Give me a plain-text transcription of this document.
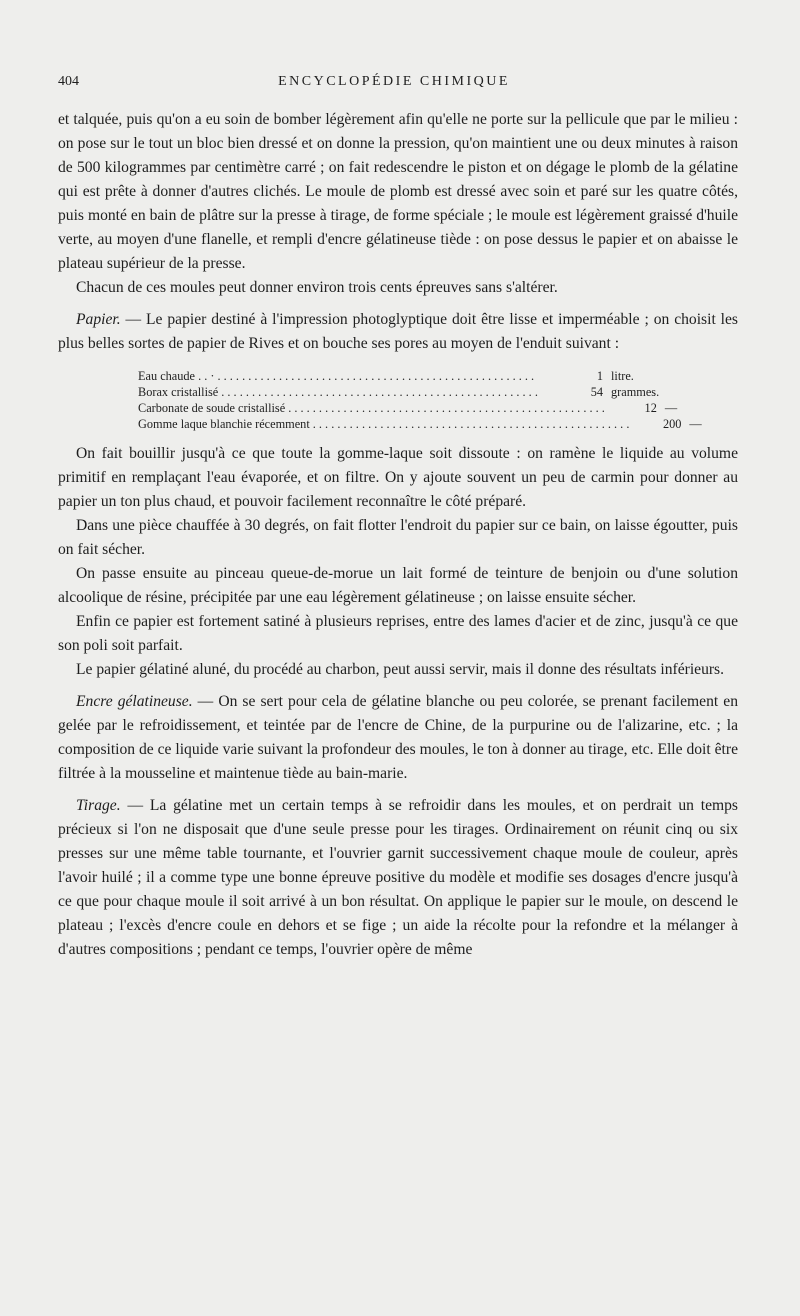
404	ENCYCLOPÉDIE CHIMIQUE

et talquée, puis qu'on a eu soin de bomber légèrement afin qu'elle ne porte sur la pellicule que par le milieu : on pose sur le tout un bloc bien dressé et on donne la pression, qu'on maintient une ou deux minutes à raison de 500 kilogrammes par centimètre carré ; on fait redescendre le piston et on dégage le plomb de la gélatine qui est prête à donner d'autres clichés. Le moule de plomb est dressé avec soin et paré sur les quatre côtés, puis monté en bain de plâtre sur la presse à tirage, de forme spéciale ; le moule est légèrement graissé d'huile verte, au moyen d'une flanelle, et rempli d'encre gélatineuse tiède : on pose dessus le papier et on abaisse le plateau supérieur de la presse.

Chacun de ces moules peut donner environ trois cents épreuves sans s'altérer.

Papier. — Le papier destiné à l'impression photoglyptique doit être lisse et imperméable ; on choisit les plus belles sortes de papier de Rives et on bouche ses pores au moyen de l'enduit suivant :

Eau chaude . . · . . . . . . . . . . . . . . . . . . . . . . . . . . . . . . . . . . . . . . . . . . . . . . . . . . . .	1 litre.
Borax cristallisé . . . . . . . . . . . . . . . . . . . . . . . . . . . . . . . . . . . . . . . . . . . . . . . . . . . .	54 grammes.
Carbonate de soude cristallisé . . . . . . . . . . . . . . . . . . . . . . . . . . . . . . . . . . . . . . . . . . . . . . . . . . . .	12 —
Gomme laque blanchie récemment . . . . . . . . . . . . . . . . . . . . . . . . . . . . . . . . . . . . . . . . . . . . . . . . . . . .	200 —

On fait bouillir jusqu'à ce que toute la gomme-laque soit dissoute : on ramène le liquide au volume primitif en remplaçant l'eau évaporée, et on filtre. On y ajoute souvent un peu de carmin pour donner au papier un ton plus chaud, et pouvoir facilement reconnaître le côté préparé.

Dans une pièce chauffée à 30 degrés, on fait flotter l'endroit du papier sur ce bain, on laisse égoutter, puis on fait sécher.

On passe ensuite au pinceau queue-de-morue un lait formé de teinture de benjoin ou d'une solution alcoolique de résine, précipitée par une eau légèrement gélatineuse ; on laisse ensuite sécher.

Enfin ce papier est fortement satiné à plusieurs reprises, entre des lames d'acier et de zinc, jusqu'à ce que son poli soit parfait.

Le papier gélatiné aluné, du procédé au charbon, peut aussi servir, mais il donne des résultats inférieurs.

Encre gélatineuse. — On se sert pour cela de gélatine blanche ou peu colorée, se prenant facilement en gelée par le refroidissement, et teintée par de l'encre de Chine, de la purpurine ou de l'alizarine, etc. ; la composition de ce liquide varie suivant la profondeur des moules, le ton à donner au tirage, etc. Elle doit être filtrée à la mousseline et maintenue tiède au bain-marie.

Tirage. — La gélatine met un certain temps à se refroidir dans les moules, et on perdrait un temps précieux si l'on ne disposait que d'une seule presse pour les tirages. Ordinairement on réunit cinq ou six presses sur une même table tournante, et l'ouvrier garnit successivement chaque moule de couleur, après l'avoir huilé ; il a comme type une bonne épreuve positive du modèle et modifie ses dosages d'encre jusqu'à ce que pour chaque moule il soit arrivé à un bon résultat. On applique le papier sur le moule, on descend le plateau ; l'excès d'encre coule en dehors et se fige ; un aide la récolte pour la refondre et la mélanger à d'autres compositions ; pendant ce temps, l'ouvrier opère de même
